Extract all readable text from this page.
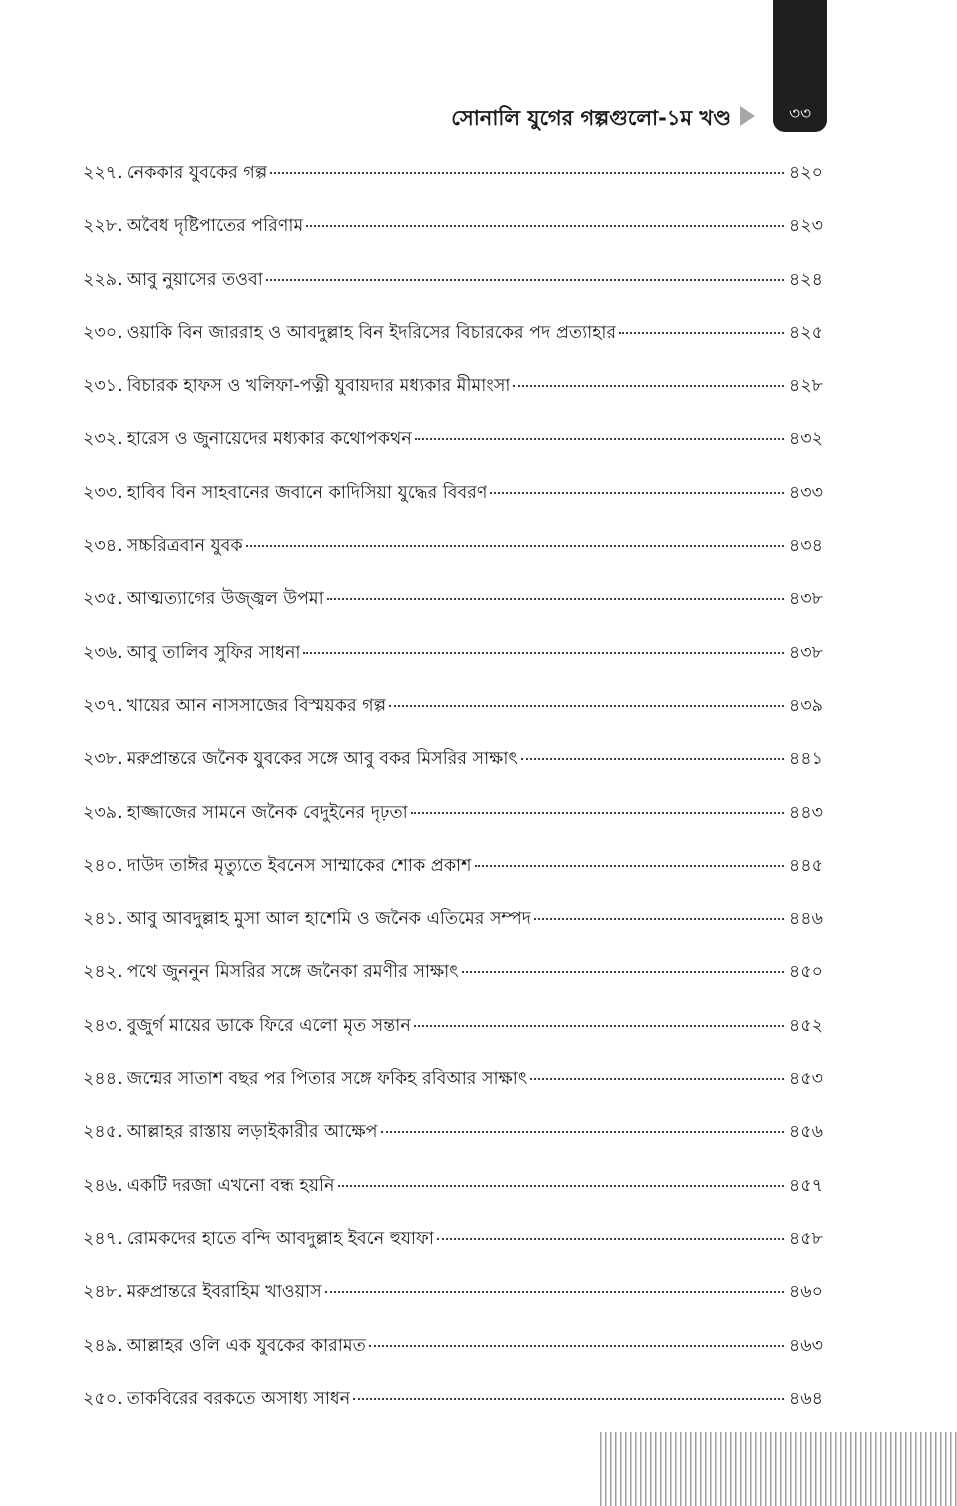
৩৩
সোনালি যুগের গল্পগুলো-১ম খণ্ড
২২৭. নেককার যুবকের গল্প	৪২০
২২৮. অবৈধ দৃষ্টিপাতের পরিণাম	৪২৩
২২৯. আবু নুয়াসের তওবা	৪২৪
২৩০. ওয়াকি বিন জাররাহ ও আবদুল্লাহ বিন ইদরিসের বিচারকের পদ প্রত্যাহার	৪২৫
২৩১. বিচারক হাফস ও খলিফা-পত্নী যুবায়দার মধ্যকার মীমাংসা	৪২৮
২৩২. হারেস ও জুনায়েদের মধ্যকার কথোপকথন	৪৩২
২৩৩. হাবিব বিন সাহবানের জবানে কাদিসিয়া যুদ্ধের বিবরণ	৪৩৩
২৩৪. সচ্চরিত্রবান যুবক	৪৩৪
২৩৫. আত্মত্যাগের উজ্জ্বল উপমা	৪৩৮
২৩৬. আবু তালিব সুফির সাধনা	৪৩৮
২৩৭. খায়ের আন নাসসাজের বিস্ময়কর গল্প	৪৩৯
২৩৮. মরুপ্রান্তরে জনৈক যুবকের সঙ্গে আবু বকর মিসরির সাক্ষাৎ	৪৪১
২৩৯. হাজ্জাজের সামনে জনৈক বেদুইনের দৃঢ়তা	৪৪৩
২৪০. দাউদ তাঈর মৃত্যুতে ইবনেস সাম্মাকের শোক প্রকাশ	৪৪৫
২৪১. আবু আবদুল্লাহ মুসা আল হাশেমি ও জনৈক এতিমের সম্পদ	৪৪৬
২৪২. পথে জুননুন মিসরির সঙ্গে জনৈকা রমণীর সাক্ষাৎ	৪৫০
২৪৩. বুজুর্গ মায়ের ডাকে ফিরে এলো মৃত সন্তান	৪৫২
২৪৪. জন্মের সাতাশ বছর পর পিতার সঙ্গে ফকিহ রবিআর সাক্ষাৎ	৪৫৩
২৪৫. আল্লাহর রাস্তায় লড়াইকারীর আক্ষেপ	৪৫৬
২৪৬. একটি দরজা এখনো বন্ধ হয়নি	৪৫৭
২৪৭. রোমকদের হাতে বন্দি আবদুল্লাহ ইবনে হুযাফা	৪৫৮
২৪৮. মরুপ্রান্তরে ইবরাহিম খাওয়াস	৪৬০
২৪৯. আল্লাহর ওলি এক যুবকের কারামত	৪৬৩
২৫০. তাকবিরের বরকতে অসাধ্য সাধন	৪৬৪
